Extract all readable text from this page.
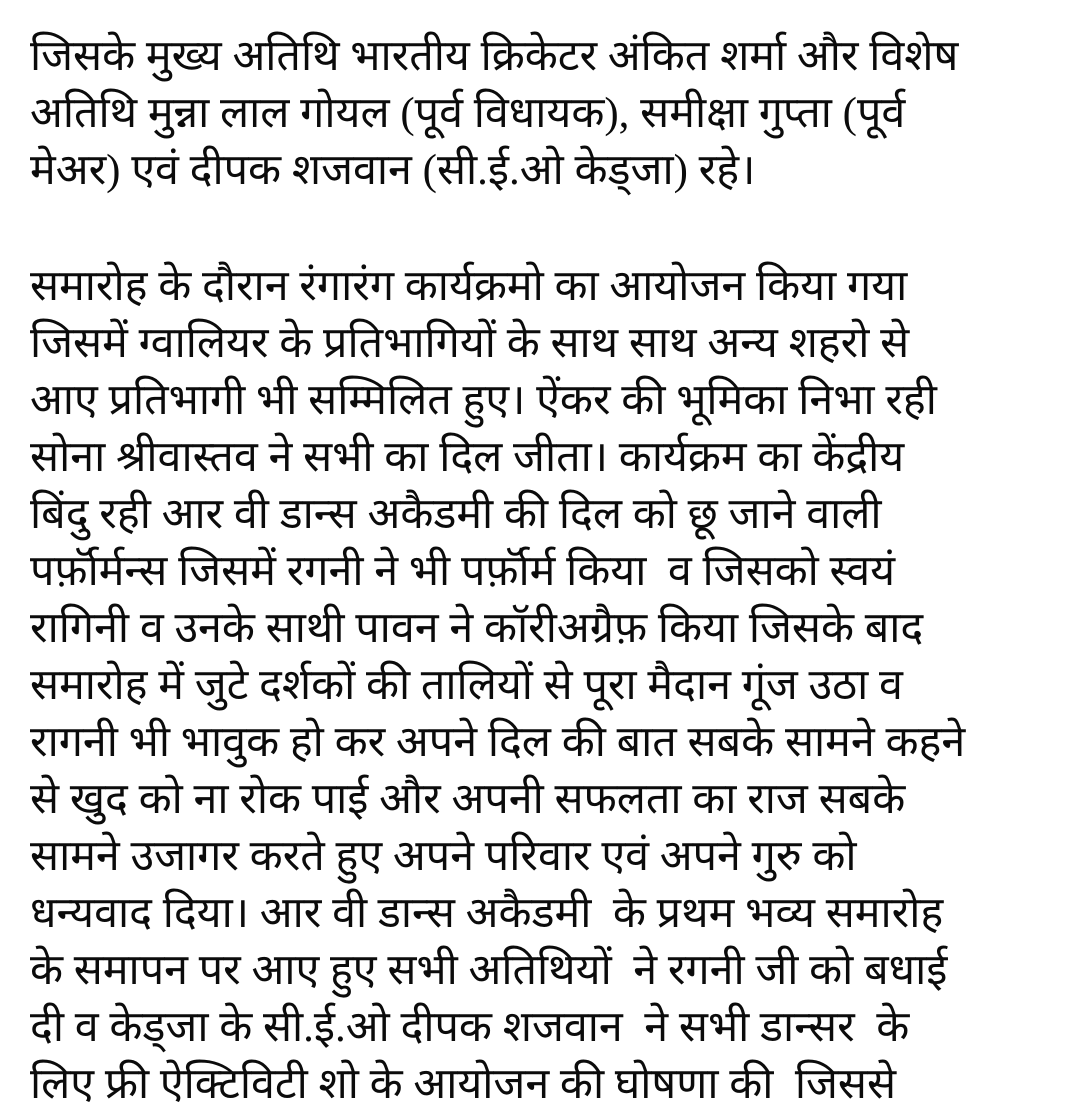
जिसके मुख्य अतिथि भारतीय क्रिकेटर अंकित शर्मा और विशेष
अतिथि मुन्ना लाल गोयल (पूर्व विधायक), समीक्षा गुप्ता (पूर्व
मेअर) एवं दीपक शजवान (सी.ई.ओ केड्जा) रहे।
समारोह के दौरान रंगारंग कार्यक्रमो का आयोजन किया गया
जिसमें ग्वालियर के प्रतिभागियों के साथ साथ अन्य शहरो से
आए प्रतिभागी भी सम्मिलित हुए। ऐंकर की भूमिका निभा रही
सोना श्रीवास्तव ने सभी का दिल जीता। कार्यक्रम का केंद्रीय
बिंदु रही आर वी डान्स अकैडमी की दिल को छू जाने वाली
पर्फ़ॉर्मन्स जिसमें रगनी ने भी पर्फ़ॉर्म किया  व जिसको स्वयं
रागिनी व उनके साथी पावन ने कॉरीअग्रैफ़ किया जिसके बाद
समारोह में जुटे दर्शकों की तालियों से पूरा मैदान गूंज उठा व
रागनी भी भावुक हो कर अपने दिल की बात सबके सामने कहने
से खुद को ना रोक पाई और अपनी सफलता का राज सबके
सामने उजागर करते हुए अपने परिवार एवं अपने गुरु को
धन्यवाद दिया। आर वी डान्स अकैडमी  के प्रथम भव्य समारोह
के समापन पर आए हुए सभी अतिथियों  ने रगनी जी को बधाई
दी व केड्जा के सी.ई.ओ दीपक शजवान  ने सभी डान्सर  के
लिए फ्री ऐक्टिविटी शो के आयोजन की घोषणा की  जिससे
